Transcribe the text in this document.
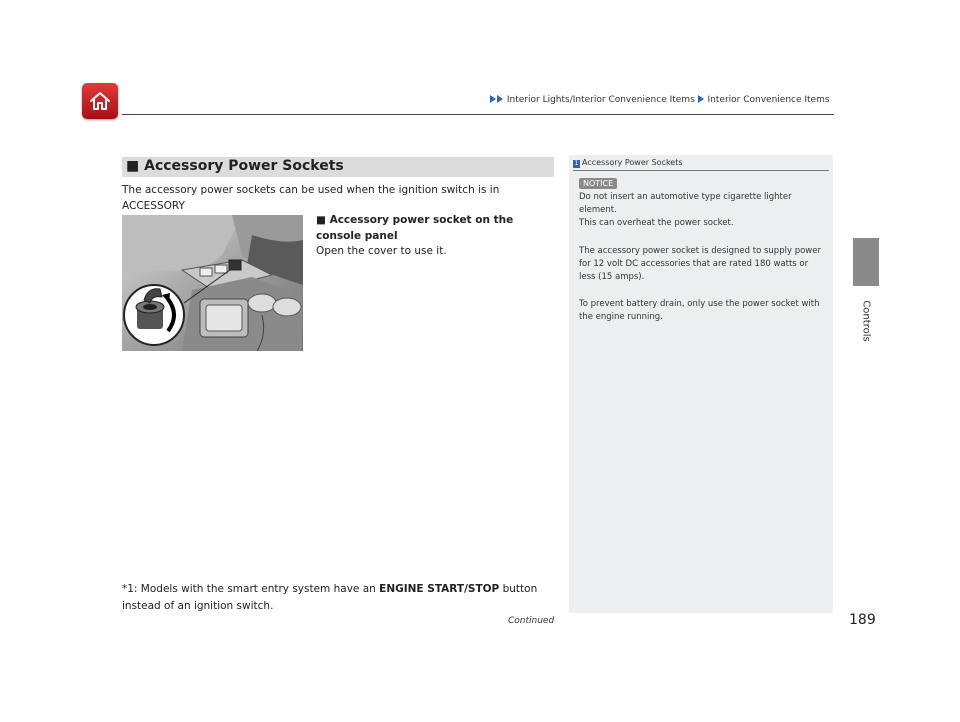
Interior Lights/Interior Convenience Items Interior Convenience Items
Controls
■ Accessory Power Sockets
The accessory power sockets can be used when the ignition switch is in ACCESSORY

■ Accessory power socket on the console panel
Open the cover to use it.
*1: Models with the smart entry system have an ENGINE START/STOP button instead of an ignition switch.
Continued	189
1 Accessory Power Sockets
NOTICE
Do not insert an automotive type cigarette lighter element.
This can overheat the power socket.
The accessory power socket is designed to supply power for 12 volt DC accessories that are rated 180 watts or less (15 amps).
To prevent battery drain, only use the power socket with the engine running.
